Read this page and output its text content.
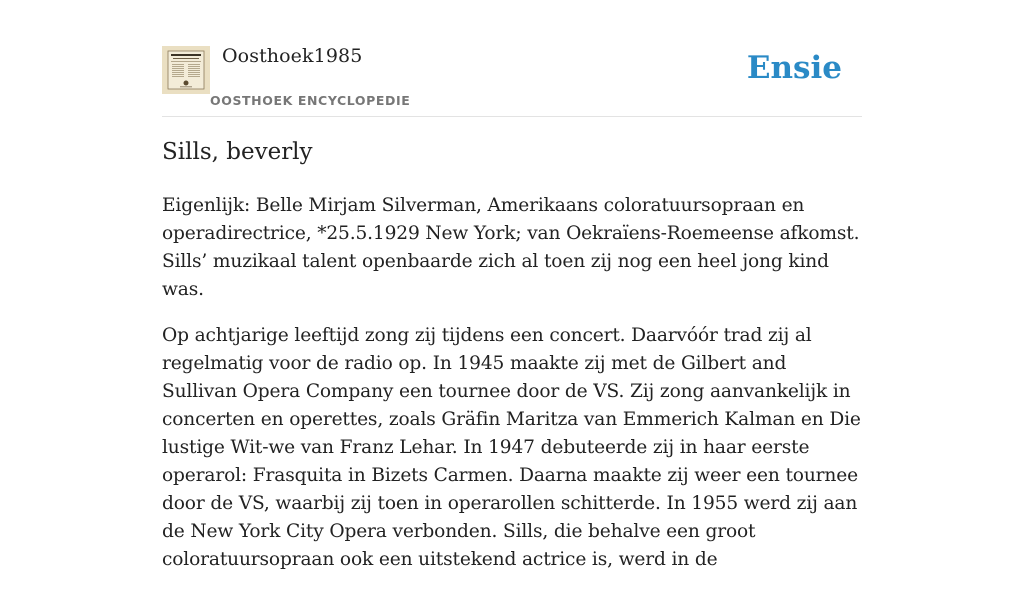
Oosthoek1985
OOSTHOEK ENCYCLOPEDIE
Ensie
Sills, beverly

Eigenlijk: Belle Mirjam Silverman, Amerikaans coloratuursopraan en operadirectrice, *25.5.1929 New York; van Oekraïens-Roemeense afkomst. Sills’ muzikaal talent openbaarde zich al toen zij nog een heel jong kind was.

Op achtjarige leeftijd zong zij tijdens een concert. Daarvóór trad zij al regelmatig voor de radio op. In 1945 maakte zij met de Gilbert and Sullivan Opera Company een tournee door de VS. Zij zong aanvankelijk in concerten en operettes, zoals Gräfin Maritza van Emmerich Kalman en Die lustige Wit-we van Franz Lehar. In 1947 debuteerde zij in haar eerste operarol: Frasquita in Bizets Carmen. Daarna maakte zij weer een tournee door de VS, waarbij zij toen in operarollen schitterde. In 1955 werd zij aan de New York City Opera verbonden. Sills, die behalve een groot coloratuursopraan ook een uitstekend actrice is, werd in de
